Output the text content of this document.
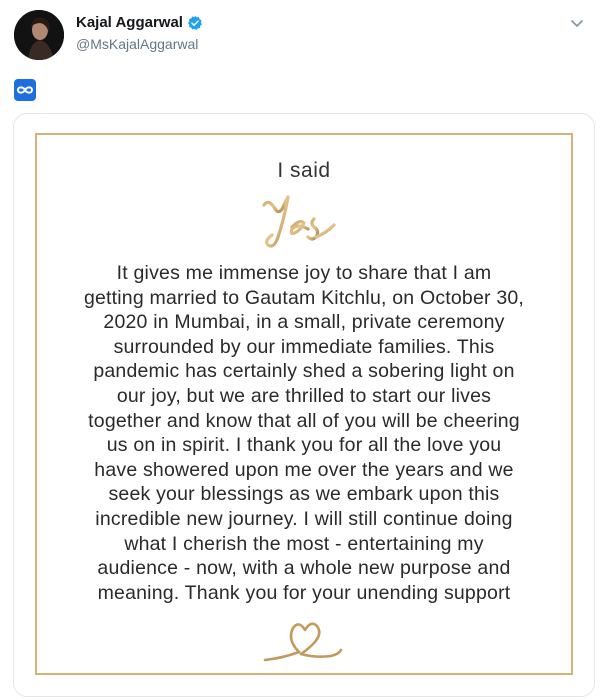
Kajal Aggarwal
@MsKajalAggarwal
I said
It gives me immense joy to share that I am
getting married to Gautam Kitchlu, on October 30,
2020 in Mumbai, in a small, private ceremony
surrounded by our immediate families. This
pandemic has certainly shed a sobering light on
our joy, but we are thrilled to start our lives
together and know that all of you will be cheering
us on in spirit. I thank you for all the love you
have showered upon me over the years and we
seek your blessings as we embark upon this
incredible new journey. I will still continue doing
what I cherish the most - entertaining my
audience - now, with a whole new purpose and
meaning. Thank you for your unending support
